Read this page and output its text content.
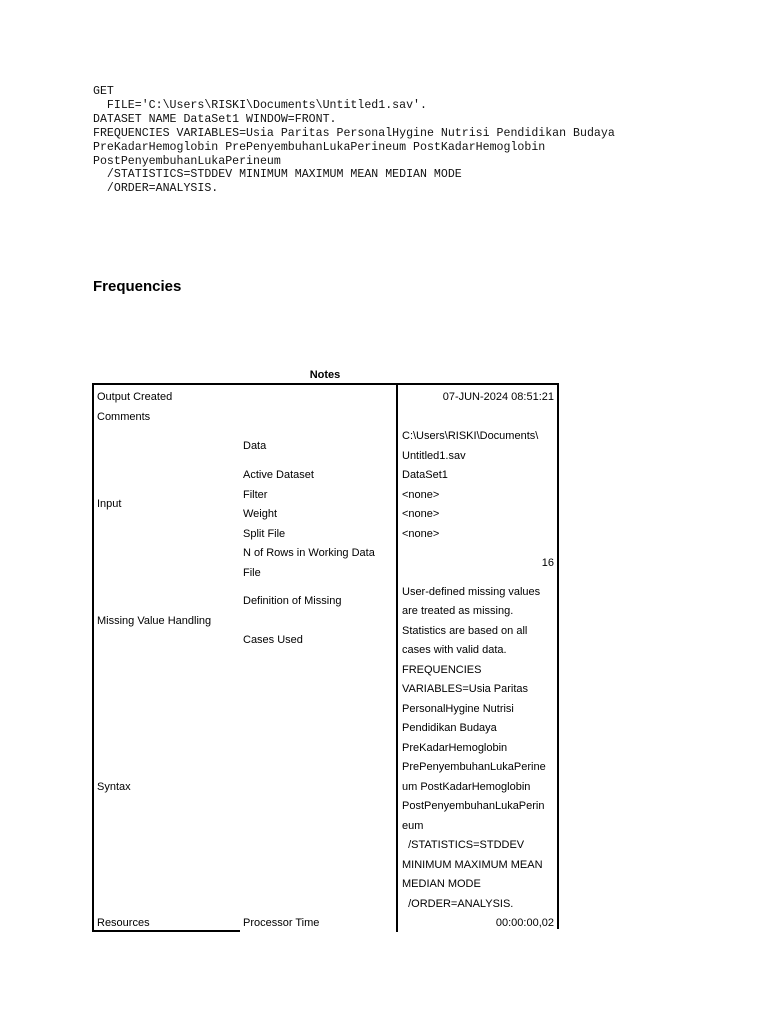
GET
FILE='C:\Users\RISKI\Documents\Untitled1.sav'.
DATASET NAME DataSet1 WINDOW=FRONT.
FREQUENCIES VARIABLES=Usia Paritas PersonalHygine Nutrisi Pendidikan Budaya
PreKadarHemoglobin PrePenyembuhanLukaPerineum PostKadarHemoglobin
PostPenyembuhanLukaPerineum
/STATISTICS=STDDEV MINIMUM MAXIMUM MEAN MEDIAN MODE
/ORDER=ANALYSIS.
Frequencies
Notes
Output Created
Comments
Input
Missing Value Handling
Syntax
Resources
Data
Active Dataset
Filter
Weight
Split File
N of Rows in Working Data
File
Definition of Missing
Cases Used
Processor Time
07-JUN-2024 08:51:21
C:\Users\RISKI\Documents\
Untitled1.sav
DataSet1
<none>
<none>
<none>
16
User-defined missing values
are treated as missing.
Statistics are based on all
cases with valid data.
FREQUENCIES
VARIABLES=Usia Paritas
PersonalHygine Nutrisi
Pendidikan Budaya
PreKadarHemoglobin
PrePenyembuhanLukaPerine
um PostKadarHemoglobin
PostPenyembuhanLukaPerin
eum
/STATISTICS=STDDEV
MINIMUM MAXIMUM MEAN
MEDIAN MODE
/ORDER=ANALYSIS.
00:00:00,02
